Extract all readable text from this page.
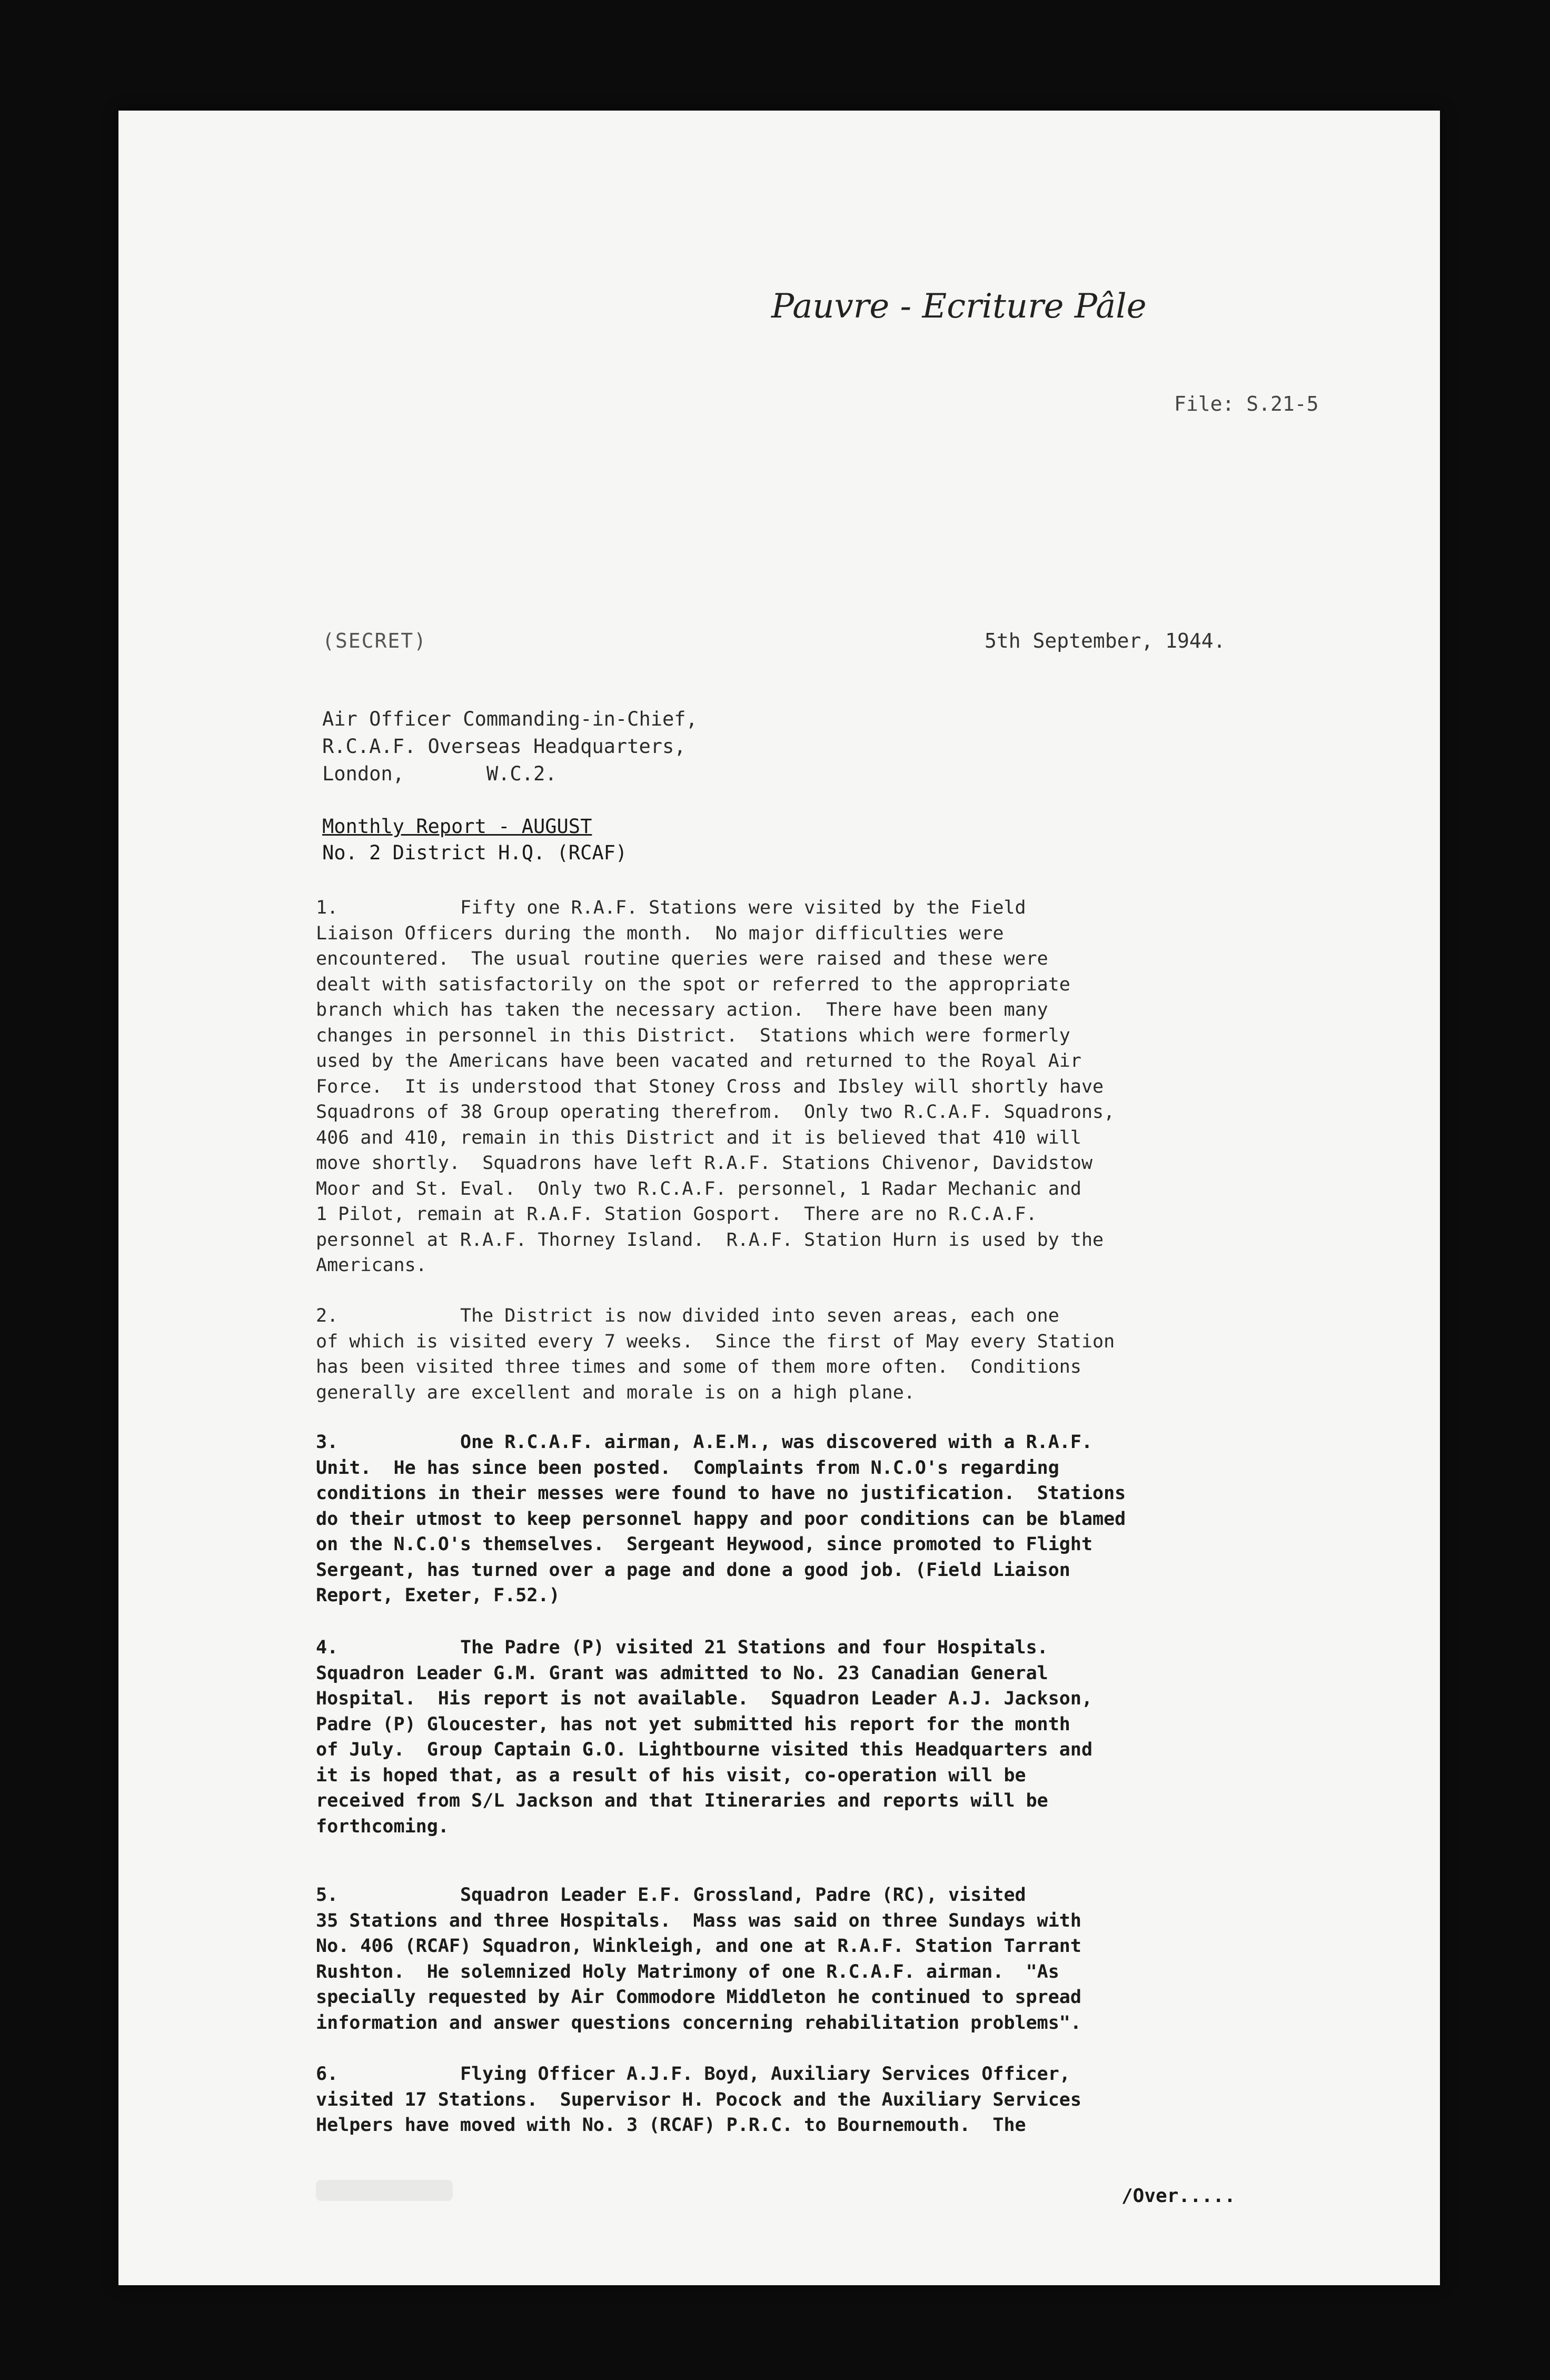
Pauvre - Ecriture Pâle
File: S.21-5
(SECRET)	5th September, 1944.
Air Officer Commanding-in-Chief,
R.C.A.F. Overseas Headquarters,
London,       W.C.2.
Monthly Report - AUGUST
No. 2 District H.Q. (RCAF)
1.           Fifty one R.A.F. Stations were visited by the Field
Liaison Officers during the month.  No major difficulties were
encountered.  The usual routine queries were raised and these were
dealt with satisfactorily on the spot or referred to the appropriate
branch which has taken the necessary action.  There have been many
changes in personnel in this District.  Stations which were formerly
used by the Americans have been vacated and returned to the Royal Air
Force.  It is understood that Stoney Cross and Ibsley will shortly have
Squadrons of 38 Group operating therefrom.  Only two R.C.A.F. Squadrons,
406 and 410, remain in this District and it is believed that 410 will
move shortly.  Squadrons have left R.A.F. Stations Chivenor, Davidstow
Moor and St. Eval.  Only two R.C.A.F. personnel, 1 Radar Mechanic and
1 Pilot, remain at R.A.F. Station Gosport.  There are no R.C.A.F.
personnel at R.A.F. Thorney Island.  R.A.F. Station Hurn is used by the
Americans.
2.           The District is now divided into seven areas, each one
of which is visited every 7 weeks.  Since the first of May every Station
has been visited three times and some of them more often.  Conditions
generally are excellent and morale is on a high plane.
3.           One R.C.A.F. airman, A.E.M., was discovered with a R.A.F.
Unit.  He has since been posted.  Complaints from N.C.O's regarding
conditions in their messes were found to have no justification.  Stations
do their utmost to keep personnel happy and poor conditions can be blamed
on the N.C.O's themselves.  Sergeant Heywood, since promoted to Flight
Sergeant, has turned over a page and done a good job. (Field Liaison
Report, Exeter, F.52.)
4.           The Padre (P) visited 21 Stations and four Hospitals.
Squadron Leader G.M. Grant was admitted to No. 23 Canadian General
Hospital.  His report is not available.  Squadron Leader A.J. Jackson,
Padre (P) Gloucester, has not yet submitted his report for the month
of July.  Group Captain G.O. Lightbourne visited this Headquarters and
it is hoped that, as a result of his visit, co-operation will be
received from S/L Jackson and that Itineraries and reports will be
forthcoming.
5.           Squadron Leader E.F. Grossland, Padre (RC), visited
35 Stations and three Hospitals.  Mass was said on three Sundays with
No. 406 (RCAF) Squadron, Winkleigh, and one at R.A.F. Station Tarrant
Rushton.  He solemnized Holy Matrimony of one R.C.A.F. airman.  "As
specially requested by Air Commodore Middleton he continued to spread
information and answer questions concerning rehabilitation problems".
6.           Flying Officer A.J.F. Boyd, Auxiliary Services Officer,
visited 17 Stations.  Supervisor H. Pocock and the Auxiliary Services
Helpers have moved with No. 3 (RCAF) P.R.C. to Bournemouth.  The
/Over.....
